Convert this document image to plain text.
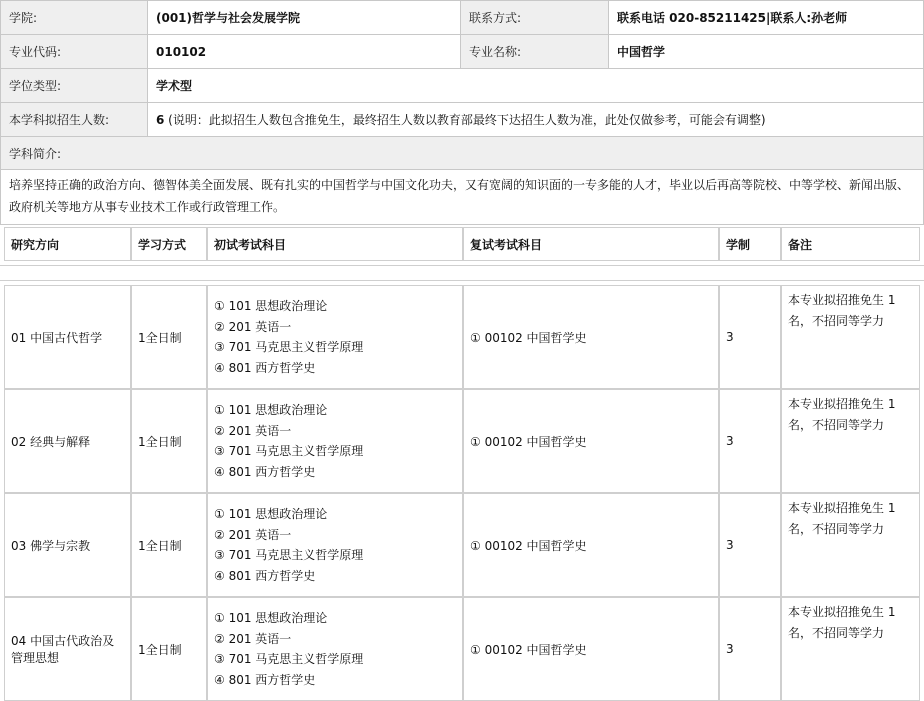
学院:	(001)哲学与社会发展学院	联系方式:	联系电话 020-85211425|联系人:孙老师
专业代码:	010102	专业名称:	中国哲学
学位类型:	学术型		
本学科拟招生人数:	6 (说明：此拟招生人数包含推免生，最终招生人数以教育部最终下达招生人数为准，此处仅做参考，可能会有调整)		
学科简介:			
培养坚持正确的政治方向、德智体美全面发展、既有扎实的中国哲学与中国文化功夫，又有宽阔的知识面的一专多能的人才，毕业以后再高等院校、中等学校、新闻出版、政府机关等地方从事专业技术工作或行政管理工作。			
研究方向	学习方式	初试考试科目	复试考试科目	学制	备注
01 中国古代哲学	1全日制	① 101 思想政治理论
② 201 英语一
③ 701 马克思主义哲学原理
④ 801 西方哲学史	① 00102 中国哲学史	3	本专业拟招推免生 1 名，不招同等学力
02 经典与解释	1全日制	① 101 思想政治理论
② 201 英语一
③ 701 马克思主义哲学原理
④ 801 西方哲学史	① 00102 中国哲学史	3	本专业拟招推免生 1 名，不招同等学力
03 佛学与宗教	1全日制	① 101 思想政治理论
② 201 英语一
③ 701 马克思主义哲学原理
④ 801 西方哲学史	① 00102 中国哲学史	3	本专业拟招推免生 1 名，不招同等学力
04 中国古代政治及管理思想	1全日制	① 101 思想政治理论
② 201 英语一
③ 701 马克思主义哲学原理
④ 801 西方哲学史	① 00102 中国哲学史	3	本专业拟招推免生 1 名，不招同等学力
